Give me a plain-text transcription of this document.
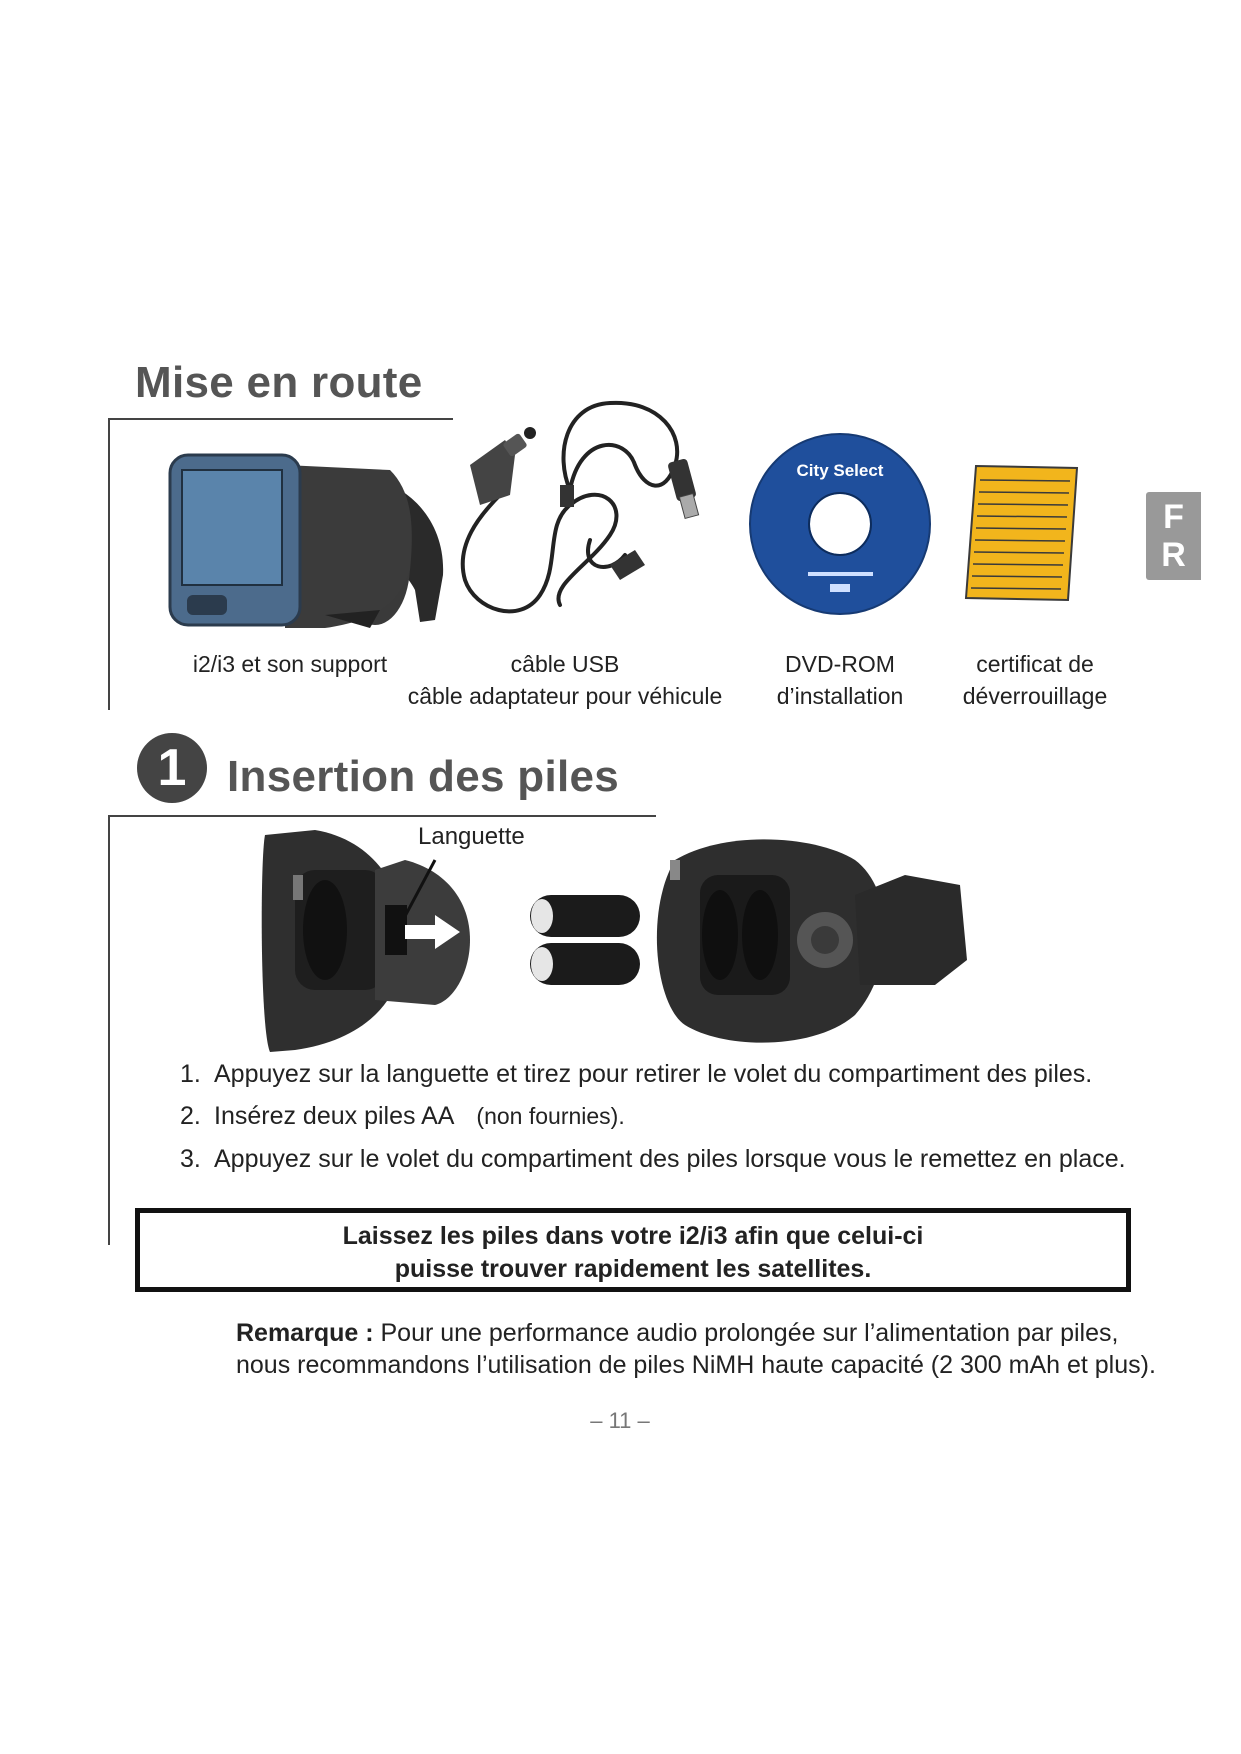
Mise en route
F
R
City Select
i2/i3 et son support	câble USB
câble adaptateur pour véhicule
DVD-ROM
d’installation
certificat de
déverrouillage
1 Insertion des piles
Languette
1. Appuyez sur la languette et tirez pour retirer le volet du compartiment des piles.
2. Insérez deux piles AA (non fournies).
3. Appuyez sur le volet du compartiment des piles lorsque vous le remettez en place.
Laissez les piles dans votre i2/i3 afin que celui-ci
puisse trouver rapidement les satellites.
Remarque : Pour une performance audio prolongée sur l’alimentation par piles,
nous recommandons l’utilisation de piles NiMH haute capacité (2 300 mAh et plus).
– 11 –
